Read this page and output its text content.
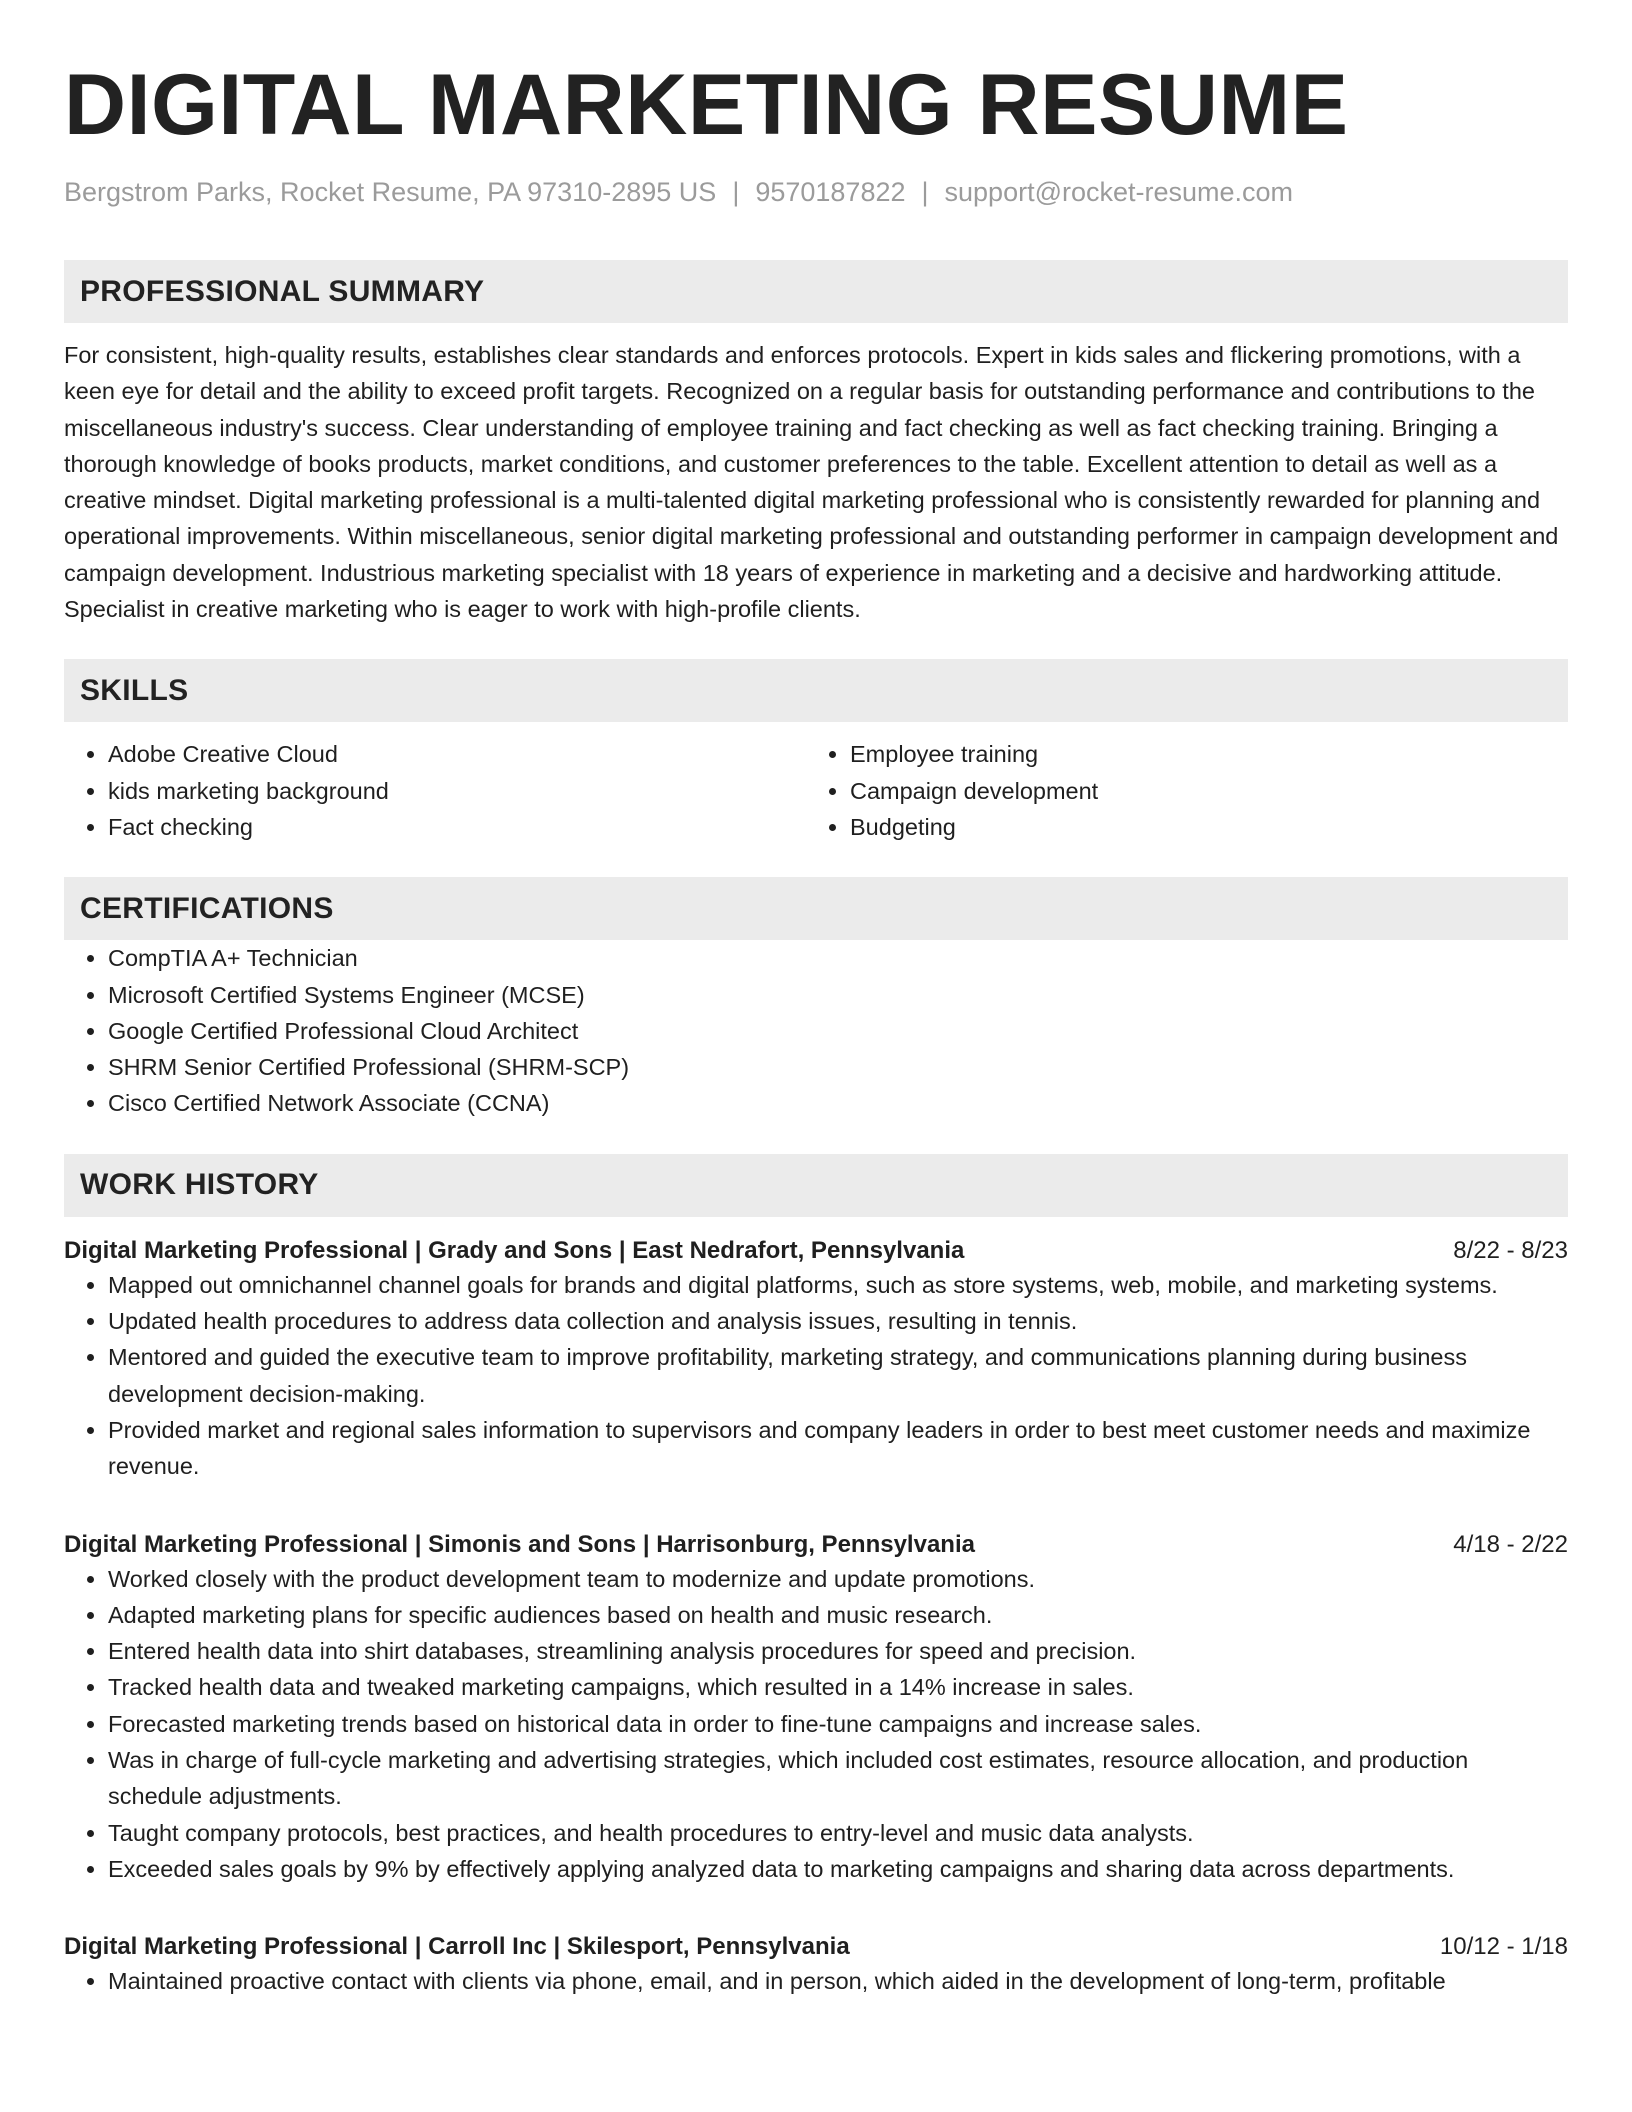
DIGITAL MARKETING RESUME
Bergstrom Parks, Rocket Resume, PA 97310-2895 US | 9570187822 | support@rocket-resume.com
PROFESSIONAL SUMMARY

For consistent, high-quality results, establishes clear standards and enforces protocols. Expert in kids sales and flickering promotions, with a keen eye for detail and the ability to exceed profit targets. Recognized on a regular basis for outstanding performance and contributions to the miscellaneous industry's success. Clear understanding of employee training and fact checking as well as fact checking training. Bringing a thorough knowledge of books products, market conditions, and customer preferences to the table. Excellent attention to detail as well as a creative mindset. Digital marketing professional is a multi-talented digital marketing professional who is consistently rewarded for planning and operational improvements. Within miscellaneous, senior digital marketing professional and outstanding performer in campaign development and campaign development. Industrious marketing specialist with 18 years of experience in marketing and a decisive and hardworking attitude. Specialist in creative marketing who is eager to work with high-profile clients.

SKILLS
• Adobe Creative Cloud
• kids marketing background
• Fact checking
• Employee training
• Campaign development
• Budgeting
CERTIFICATIONS
• CompTIA A+ Technician
• Microsoft Certified Systems Engineer (MCSE)
• Google Certified Professional Cloud Architect
• SHRM Senior Certified Professional (SHRM-SCP)
• Cisco Certified Network Associate (CCNA)
WORK HISTORY
Digital Marketing Professional | Grady and Sons | East Nedrafort, Pennsylvania	8/22 - 8/23
• Mapped out omnichannel channel goals for brands and digital platforms, such as store systems, web, mobile, and marketing systems.
• Updated health procedures to address data collection and analysis issues, resulting in tennis.
• Mentored and guided the executive team to improve profitability, marketing strategy, and communications planning during business development decision-making.
• Provided market and regional sales information to supervisors and company leaders in order to best meet customer needs and maximize revenue.
Digital Marketing Professional | Simonis and Sons | Harrisonburg, Pennsylvania	4/18 - 2/22
• Worked closely with the product development team to modernize and update promotions.
• Adapted marketing plans for specific audiences based on health and music research.
• Entered health data into shirt databases, streamlining analysis procedures for speed and precision.
• Tracked health data and tweaked marketing campaigns, which resulted in a 14% increase in sales.
• Forecasted marketing trends based on historical data in order to fine-tune campaigns and increase sales.
• Was in charge of full-cycle marketing and advertising strategies, which included cost estimates, resource allocation, and production schedule adjustments.
• Taught company protocols, best practices, and health procedures to entry-level and music data analysts.
• Exceeded sales goals by 9% by effectively applying analyzed data to marketing campaigns and sharing data across departments.
Digital Marketing Professional | Carroll Inc | Skilesport, Pennsylvania	10/12 - 1/18
• Maintained proactive contact with clients via phone, email, and in person, which aided in the development of long-term, profitable
